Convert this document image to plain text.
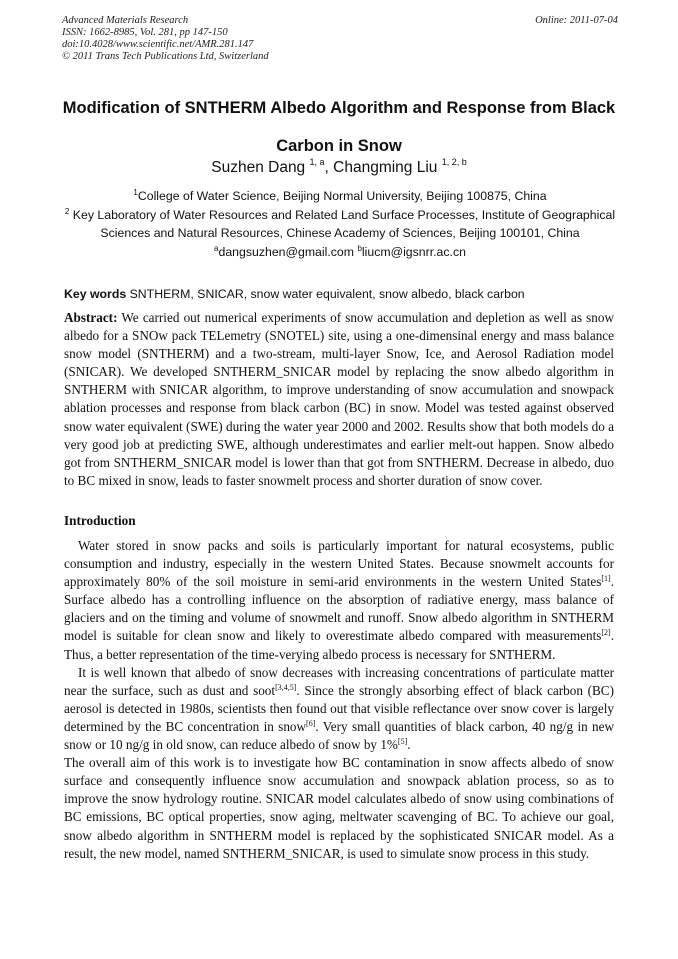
Advanced Materials Research
ISSN: 1662-8985, Vol. 281, pp 147-150
doi:10.4028/www.scientific.net/AMR.281.147
© 2011 Trans Tech Publications Ltd, Switzerland
Online: 2011-07-04
Modification of SNTHERM Albedo Algorithm and Response from Black
Carbon in Snow
Suzhen Dang $^{1, a}$, Changming Liu $^{1, 2, b}$
$^1$College of Water Science, Beijing Normal University, Beijing 100875, China
$^2$ Key Laboratory of Water Resources and Related Land Surface Processes, Institute of Geographical Sciences and Natural Resources, Chinese Academy of Sciences, Beijing 100101, China
$^a$dangsuzhen@gmail.com $^b$liucm@igsnrr.ac.cn
Key words SNTHERM, SNICAR, snow water equivalent, snow albedo, black carbon
Abstract: We carried out numerical experiments of snow accumulation and depletion as well as snow albedo for a SNOw pack TELemetry (SNOTEL) site, using a one-dimensinal energy and mass balance snow model (SNTHERM) and a two-stream, multi-layer Snow, Ice, and Aerosol Radiation model (SNICAR). We developed SNTHERM_SNICAR model by replacing the snow albedo algorithm in SNTHERM with SNICAR algorithm, to improve understanding of snow accumulation and snowpack ablation processes and response from black carbon (BC) in snow. Model was tested against observed snow water equivalent (SWE) during the water year 2000 and 2002. Results show that both models do a very good job at predicting SWE, although underestimates and earlier melt-out happen. Snow albedo got from SNTHERM_SNICAR model is lower than that got from SNTHERM. Decrease in albedo, duo to BC mixed in snow, leads to faster snowmelt process and shorter duration of snow cover.
Introduction

Water stored in snow packs and soils is particularly important for natural ecosystems, public consumption and industry, especially in the western United States. Because snowmelt accounts for approximately 80% of the soil moisture in semi-arid environments in the western United States[1]. Surface albedo has a controlling influence on the absorption of radiative energy, mass balance of glaciers and on the timing and volume of snowmelt and runoff. Snow albedo algorithm in SNTHERM model is suitable for clean snow and likely to overestimate albedo compared with measurements[2]. Thus, a better representation of the time-verying albedo process is necessary for SNTHERM.

It is well known that albedo of snow decreases with increasing concentrations of particulate matter near the surface, such as dust and soot[3,4,5]. Since the strongly absorbing effect of black carbon (BC) aerosol is detected in 1980s, scientists then found out that visible reflectance over snow cover is largely determined by the BC concentration in snow[6]. Very small quantities of black carbon, 40 ng/g in new snow or 10 ng/g in old snow, can reduce albedo of snow by 1%[5].

The overall aim of this work is to investigate how BC contamination in snow affects albedo of snow surface and consequently influence snow accumulation and snowpack ablation process, so as to improve the snow hydrology routine. SNICAR model calculates albedo of snow using combinations of BC emissions, BC optical properties, snow aging, meltwater scavenging of BC. To achieve our goal, snow albedo algorithm in SNTHERM model is replaced by the sophisticated SNICAR model. As a result, the new model, named SNTHERM_SNICAR, is used to simulate snow process in this study.
